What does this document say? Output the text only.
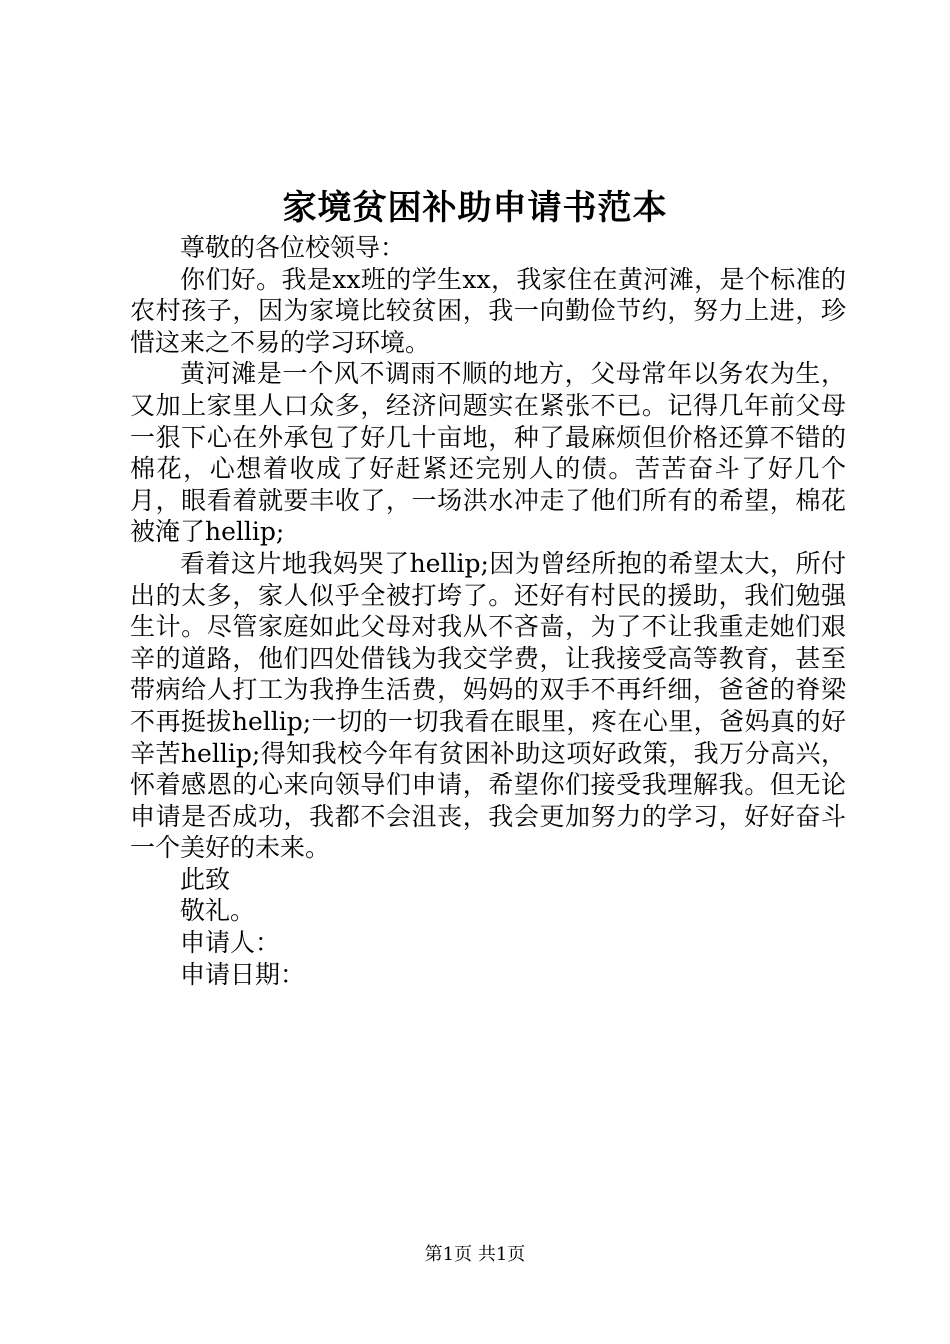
家境贫困补助申请书范本

尊敬的各位校领导：

你们好。我是xx班的学生xx，我家住在黄河滩，是个标准的农村孩子，因为家境比较贫困，我一向勤俭节约，努力上进，珍惜这来之不易的学习环境。

黄河滩是一个风不调雨不顺的地方，父母常年以务农为生，又加上家里人口众多，经济问题实在紧张不已。记得几年前父母一狠下心在外承包了好几十亩地，种了最麻烦但价格还算不错的棉花，心想着收成了好赶紧还完别人的债。苦苦奋斗了好几个月，眼看着就要丰收了，一场洪水冲走了他们所有的希望，棉花被淹了hellip;

看着这片地我妈哭了hellip;因为曾经所抱的希望太大，所付出的太多，家人似乎全被打垮了。还好有村民的援助，我们勉强生计。尽管家庭如此父母对我从不吝啬，为了不让我重走她们艰辛的道路，他们四处借钱为我交学费，让我接受高等教育，甚至带病给人打工为我挣生活费，妈妈的双手不再纤细，爸爸的脊梁不再挺拔hellip;一切的一切我看在眼里，疼在心里，爸妈真的好辛苦hellip;得知我校今年有贫困补助这项好政策，我万分高兴，怀着感恩的心来向领导们申请，希望你们接受我理解我。但无论申请是否成功，我都不会沮丧，我会更加努力的学习，好好奋斗一个美好的未来。

此致

敬礼。

申请人：

申请日期：

第1页 共1页
